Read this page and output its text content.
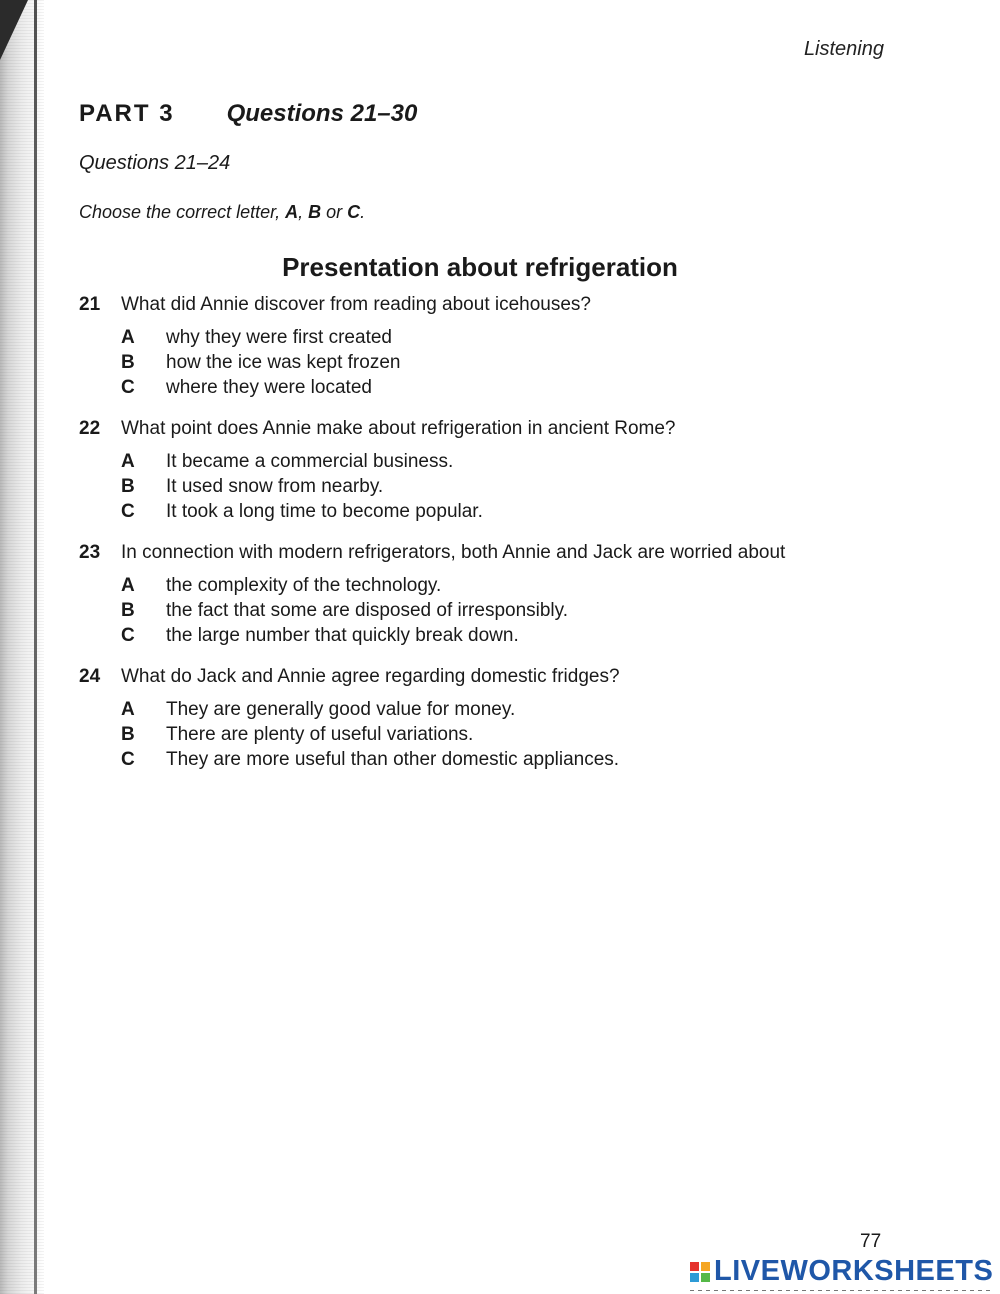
Listening
PART 3 Questions 21–30
Questions 21–24
Choose the correct letter, A, B or C.
Presentation about refrigeration
21	What did Annie discover from reading about icehouses?
A	why they were first created
B	how the ice was kept frozen
C	where they were located
22	What point does Annie make about refrigeration in ancient Rome?
A	It became a commercial business.
B	It used snow from nearby.
C	It took a long time to become popular.
23	In connection with modern refrigerators, both Annie and Jack are worried about
A	the complexity of the technology.
B	the fact that some are disposed of irresponsibly.
C	the large number that quickly break down.
24	What do Jack and Annie agree regarding domestic fridges?
A	They are generally good value for money.
B	There are plenty of useful variations.
C	They are more useful than other domestic appliances.
77
LIVEWORKSHEETS
